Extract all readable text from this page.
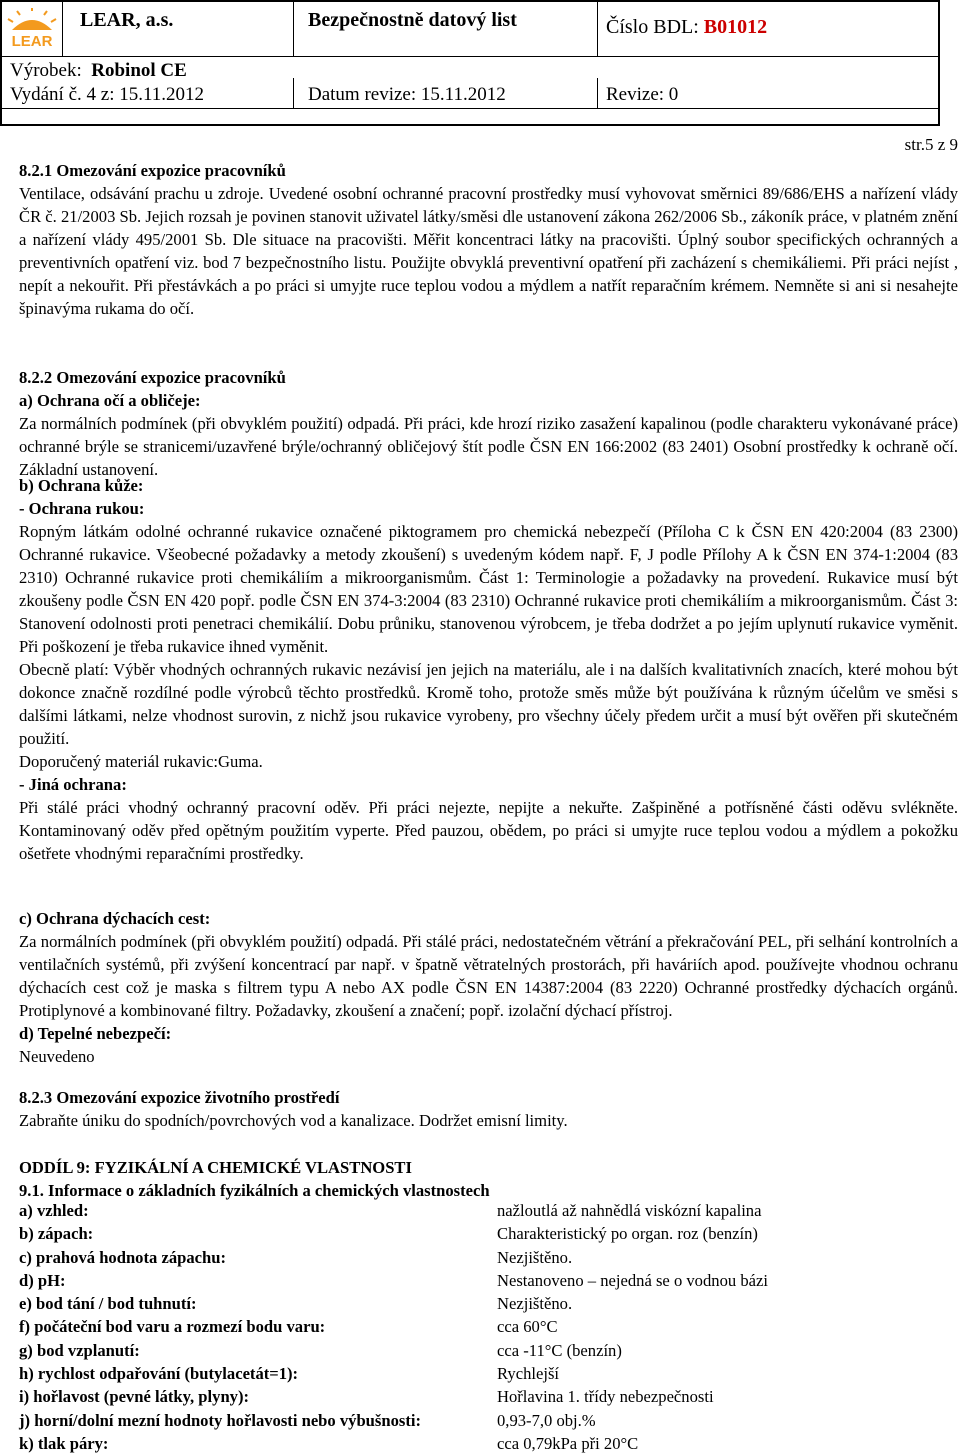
LEAR
LEAR, a.s.	Bezpečnostně datový list	Číslo BDL: B01012
Výrobek: Robinol CE
Vydání č. 4 z: 15.11.2012	Datum revize: 15.11.2012	Revize: 0
str.5 z 9

8.2.1 Omezování expozice pracovníků

Ventilace, odsávání prachu u zdroje. Uvedené osobní ochranné pracovní prostředky musí vyhovovat směrnici 89/686/EHS a nařízení vlády ČR č. 21/2003 Sb. Jejich rozsah je povinen stanovit uživatel látky/směsi dle ustanovení zákona 262/2006 Sb., zákoník práce, v platném znění a nařízení vlády 495/2001 Sb. Dle situace na pracovišti. Měřit koncentraci látky na pracovišti. Úplný soubor specifických ochranných a preventivních opatření viz. bod 7 bezpečnostního listu. Použijte obvyklá preventivní opatření při zacházení s chemikáliemi. Při práci nejíst , nepít a nekouřit. Při přestávkách a po práci si umyjte ruce teplou vodou a mýdlem a natřít reparačním krémem. Nemněte si ani si nesahejte špinavýma rukama do očí.

8.2.2 Omezování expozice pracovníků

a) Ochrana očí a obličeje:

Za normálních podmínek (při obvyklém použití) odpadá. Při práci, kde hrozí riziko zasažení kapalinou (podle charakteru vykonávané práce) ochranné brýle se stranicemi/uzavřené brýle/ochranný obličejový štít podle ČSN EN 166:2002 (83 2401) Osobní prostředky k ochraně očí. Základní ustanovení.

b) Ochrana kůže:

- Ochrana rukou:

Ropným látkám odolné ochranné rukavice označené piktogramem pro chemická nebezpečí (Příloha C k ČSN EN 420:2004 (83 2300) Ochranné rukavice. Všeobecné požadavky a metody zkoušení) s uvedeným kódem např. F, J podle Přílohy A k ČSN EN 374-1:2004 (83 2310) Ochranné rukavice proti chemikáliím a mikroorganismům. Část 1: Terminologie a požadavky na provedení. Rukavice musí být zkoušeny podle ČSN EN 420 popř. podle ČSN EN 374-3:2004 (83 2310) Ochranné rukavice proti chemikáliím a mikroorganismům. Část 3: Stanovení odolnosti proti penetraci chemikálií. Dobu průniku, stanovenou výrobcem, je třeba dodržet a po jejím uplynutí rukavice vyměnit. Při poškození je třeba rukavice ihned vyměnit.

Obecně platí: Výběr vhodných ochranných rukavic nezávisí jen jejich na materiálu, ale i na dalších kvalitativních znacích, které mohou být dokonce značně rozdílné podle výrobců těchto prostředků. Kromě toho, protože směs může být používána k různým účelům ve směsi s dalšími látkami, nelze vhodnost surovin, z nichž jsou rukavice vyrobeny, pro všechny účely předem určit a musí být ověřen při skutečném použití.

Doporučený materiál rukavic:Guma.

- Jiná ochrana:

Při stálé práci vhodný ochranný pracovní oděv. Při práci nejezte, nepijte a nekuřte. Zašpiněné a potřísněné části oděvu svlékněte. Kontaminovaný oděv před opětným použitím vyperte. Před pauzou, obědem, po práci si umyjte ruce teplou vodou a mýdlem a pokožku ošetřete vhodnými reparačními prostředky.

c) Ochrana dýchacích cest:

Za normálních podmínek (při obvyklém použití) odpadá. Při stálé práci, nedostatečném větrání a překračování PEL, při selhání kontrolních a ventilačních systémů, při zvýšení koncentrací par např. v špatně větratelných prostorách, při haváriích apod. používejte vhodnou ochranu dýchacích cest což je maska s filtrem typu A nebo AX podle ČSN EN 14387:2004 (83 2220) Ochranné prostředky dýchacích orgánů. Protiplynové a kombinované filtry. Požadavky, zkoušení a značení; popř. izolační dýchací přístroj.

d) Tepelné nebezpečí:

Neuvedeno

8.2.3 Omezování expozice životního prostředí

Zabraňte úniku do spodních/povrchových vod a kanalizace. Dodržet emisní limity.

ODDÍL 9: FYZIKÁLNÍ A CHEMICKÉ VLASTNOSTI

9.1. Informace o základních fyzikálních a chemických vlastnostech

a) vzhled:	nažloutlá až nahnědlá viskózní kapalina
b) zápach:	Charakteristický po organ. roz (benzín)
c) prahová hodnota zápachu:	Nezjištěno.
d) pH:	Nestanoveno – nejedná se o vodnou bázi
e) bod tání / bod tuhnutí:	Nezjištěno.
f) počáteční bod varu a rozmezí bodu varu:	cca 60°C
g) bod vzplanutí:	cca -11°C (benzín)
h) rychlost odpařování (butylacetát=1):	Rychlejší
i) hořlavost (pevné látky, plyny):	Hořlavina 1. třídy nebezpečnosti
j) horní/dolní mezní hodnoty hořlavosti nebo výbušnosti:	0,93-7,0 obj.%
k) tlak páry:	cca 0,79kPa při 20°C
